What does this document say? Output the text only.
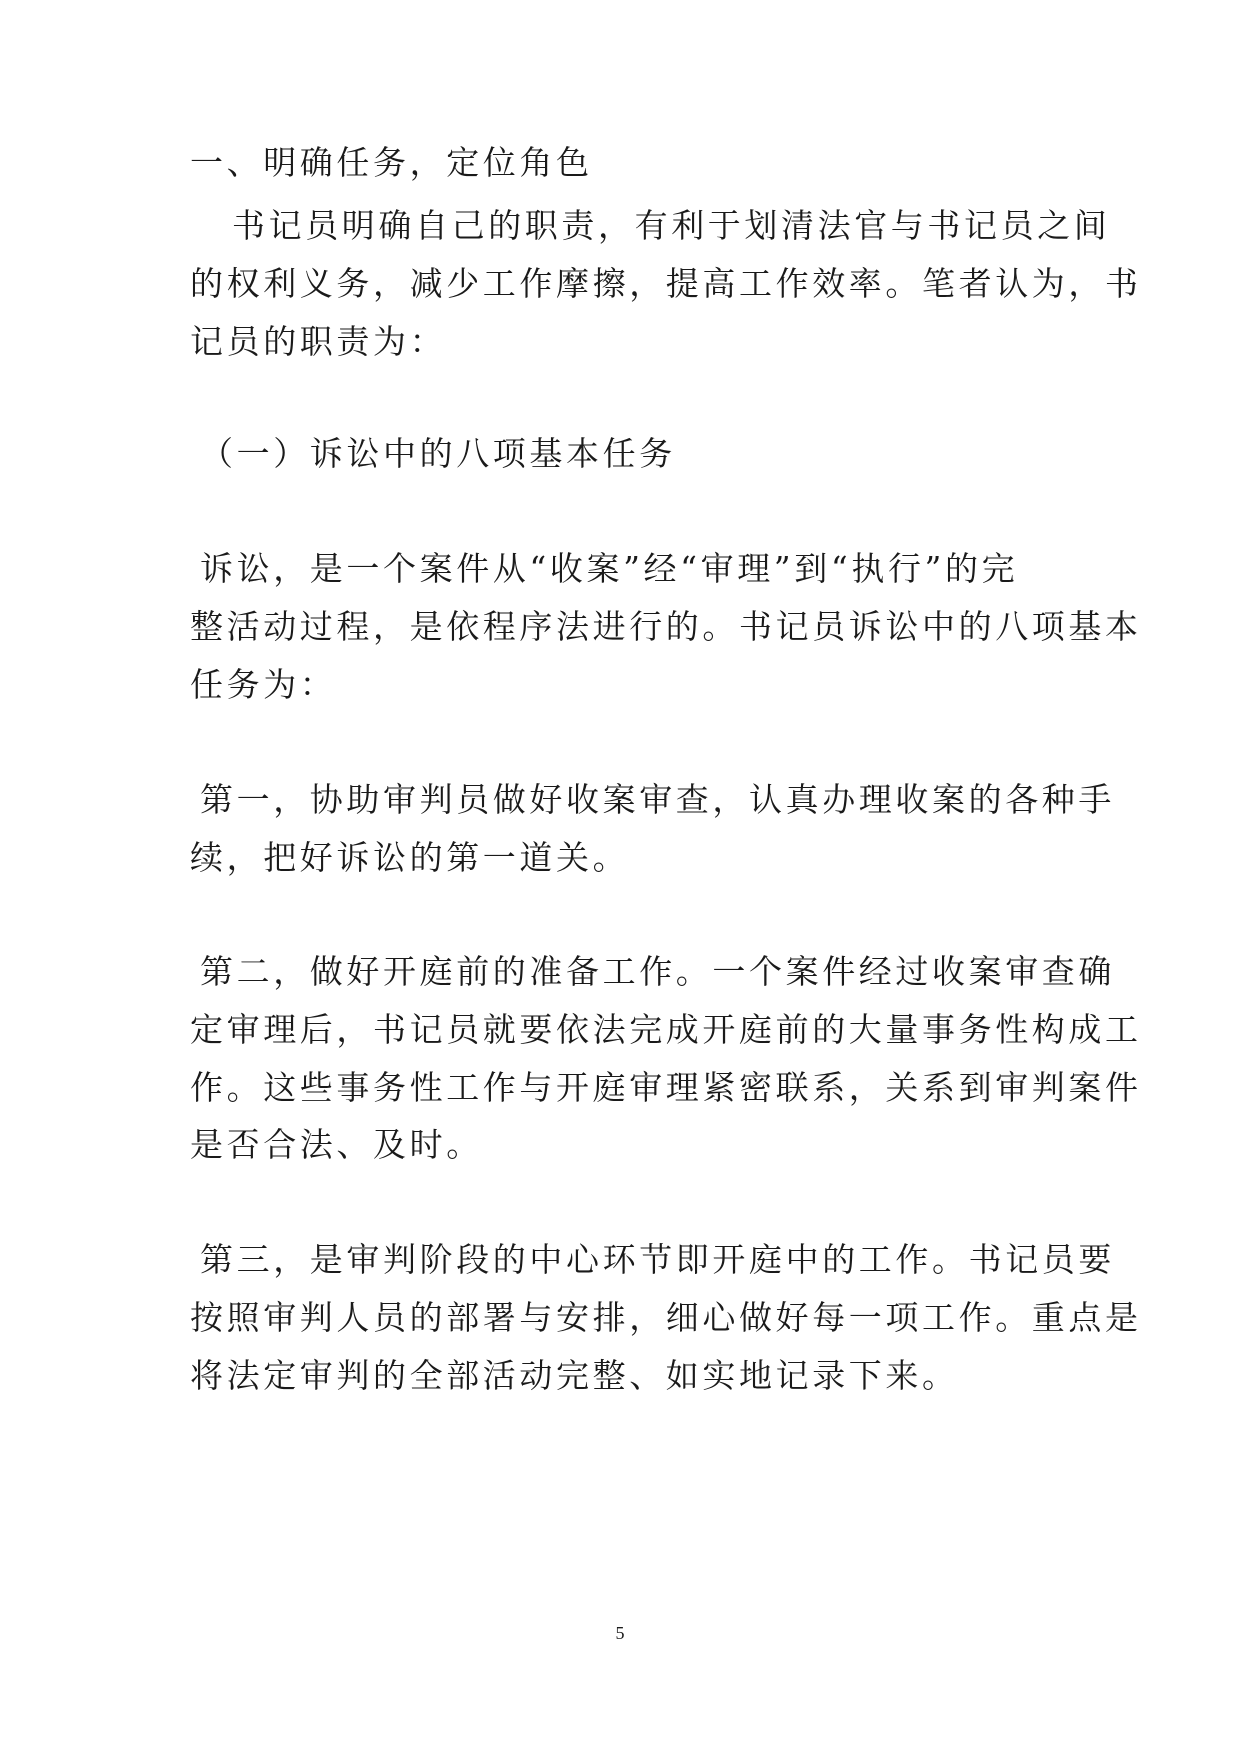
一、明确任务，定位角色
书记员明确自己的职责，有利于划清法官与书记员之间
的权利义务，减少工作摩擦，提高工作效率。笔者认为，书
记员的职责为：
（一）诉讼中的八项基本任务
诉讼，是一个案件从“收案”经“审理”到“执行”的完
整活动过程，是依程序法进行的。书记员诉讼中的八项基本
任务为：
第一，协助审判员做好收案审查，认真办理收案的各种手
续，把好诉讼的第一道关。
第二，做好开庭前的准备工作。一个案件经过收案审查确
定审理后，书记员就要依法完成开庭前的大量事务性构成工
作。这些事务性工作与开庭审理紧密联系，关系到审判案件
是否合法、及时。
第三，是审判阶段的中心环节即开庭中的工作。书记员要
按照审判人员的部署与安排，细心做好每一项工作。重点是
将法定审判的全部活动完整、如实地记录下来。
5
